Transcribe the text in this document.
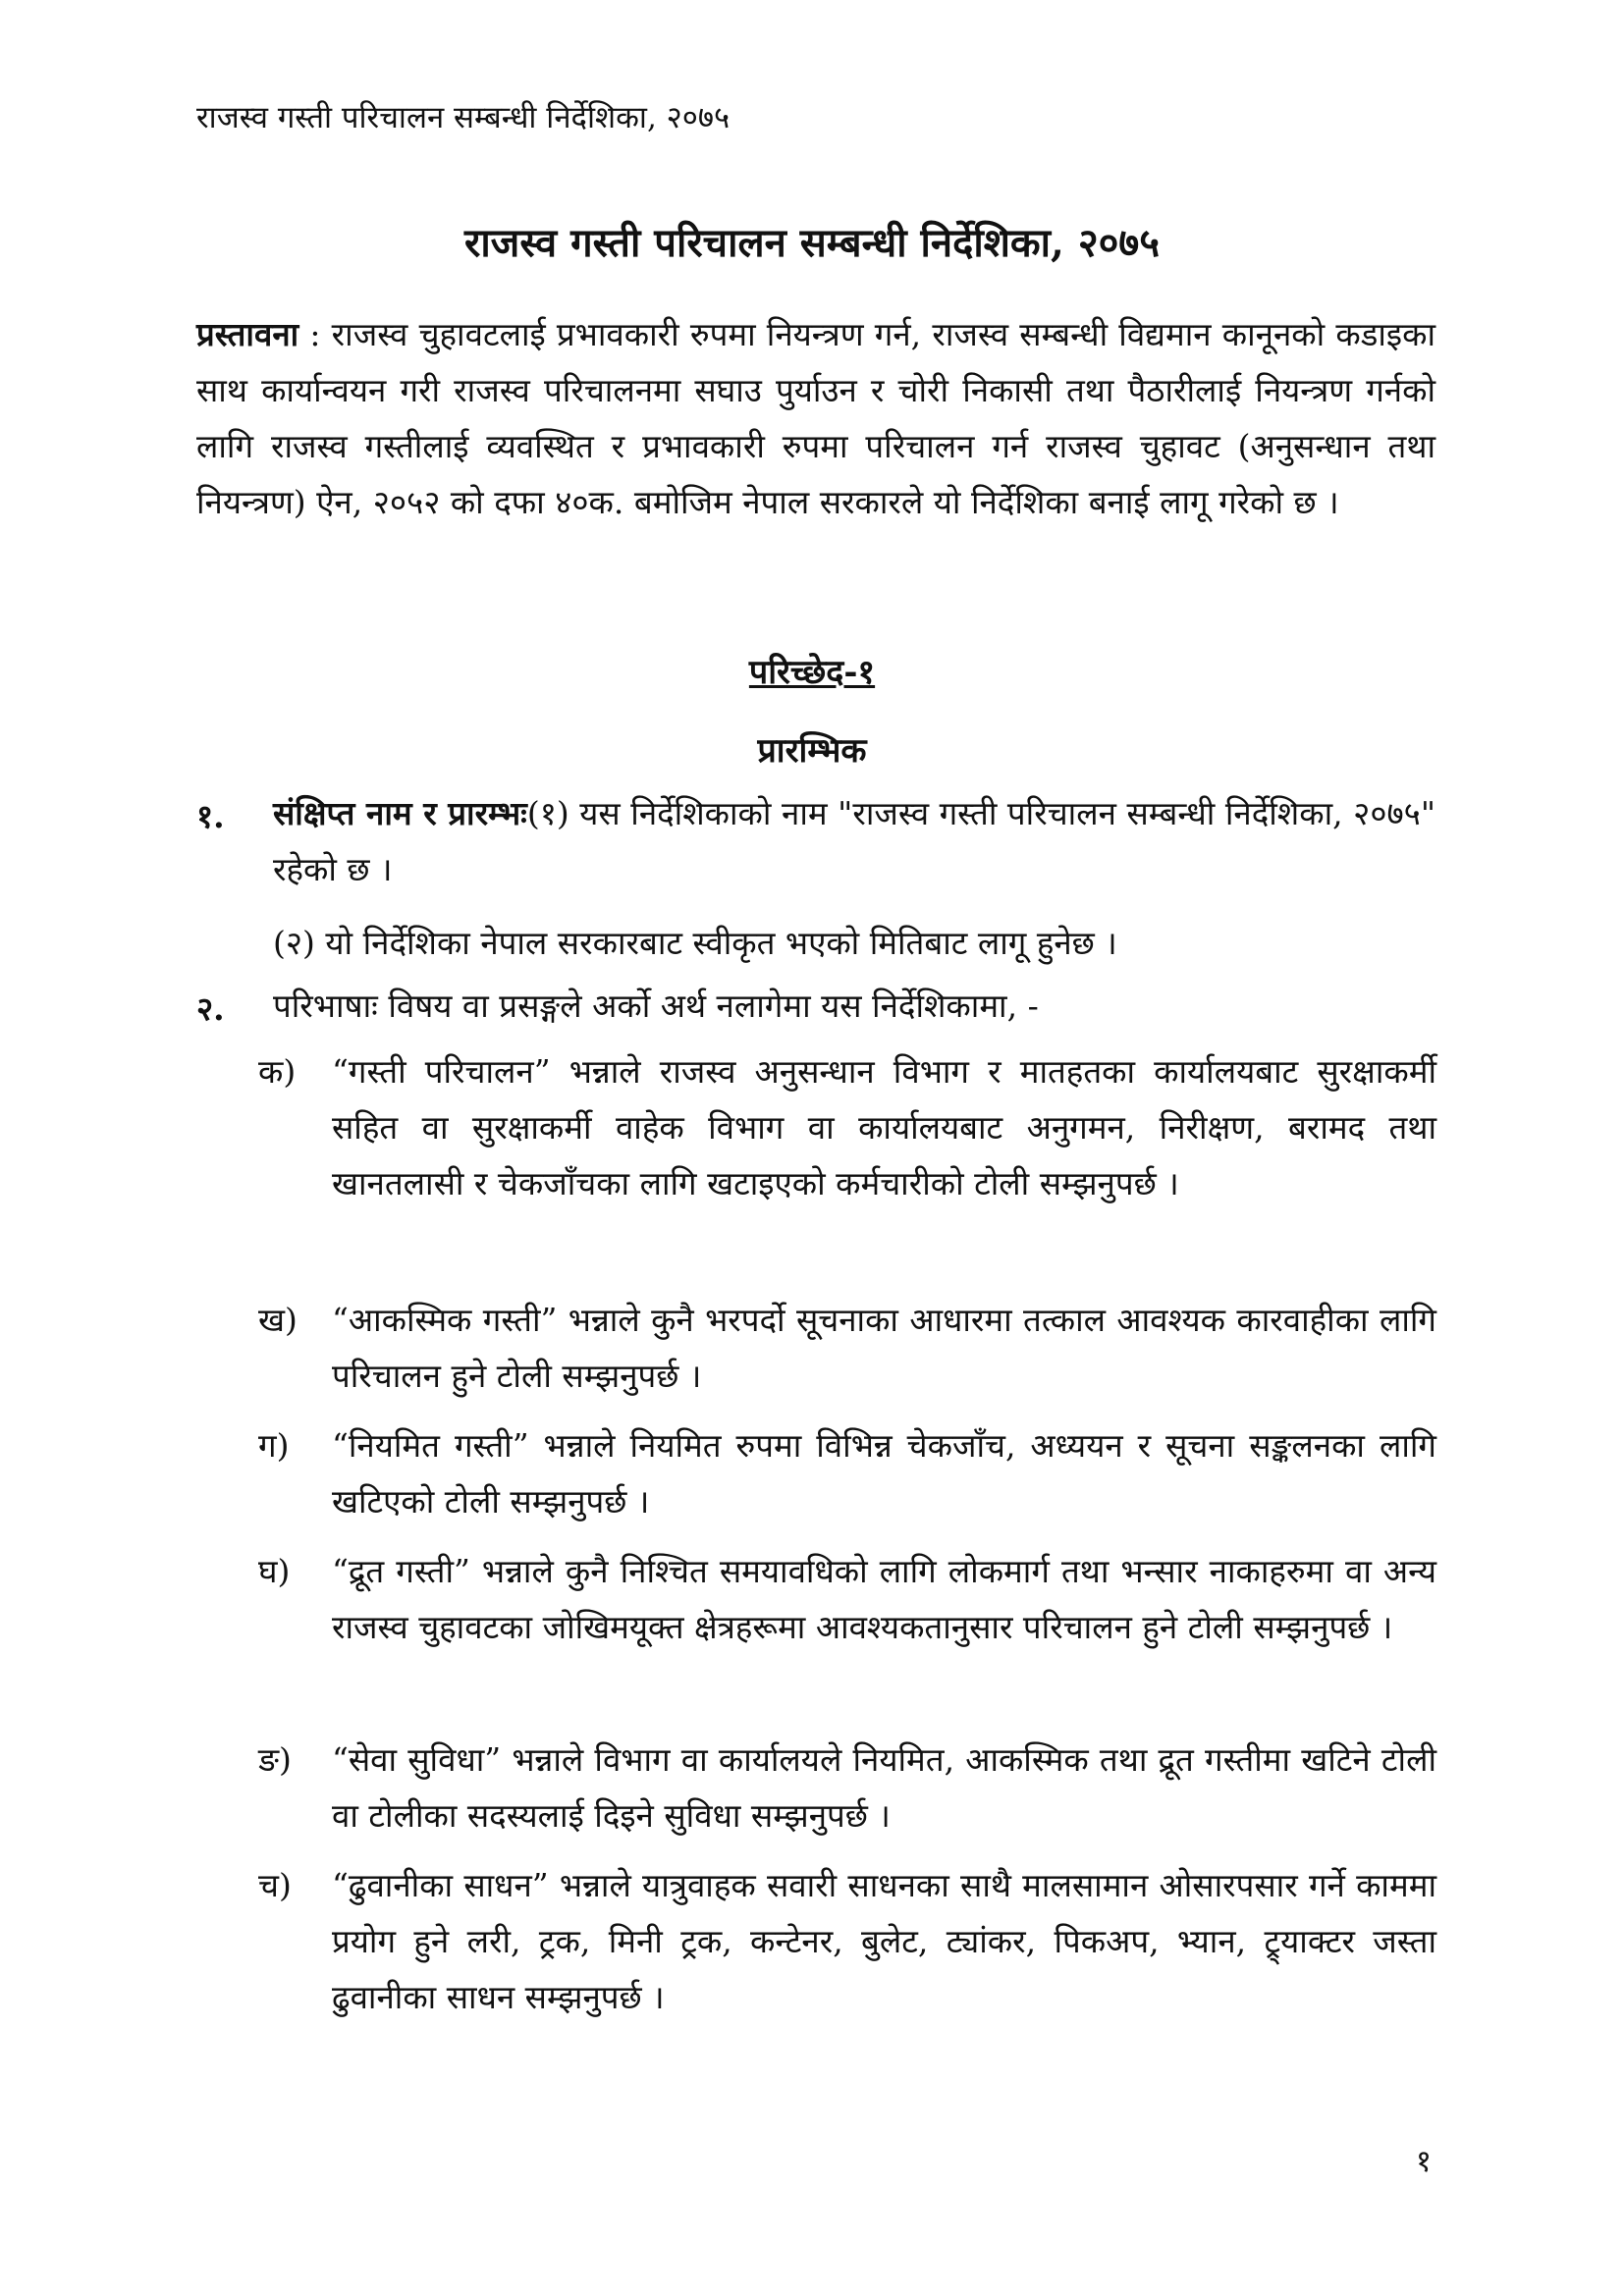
राजस्व गस्ती परिचालन सम्बन्धी निर्देशिका, २०७५
राजस्व गस्ती परिचालन सम्बन्धी निर्देशिका, २०७५
प्रस्तावना : राजस्व चुहावटलाई प्रभावकारी रुपमा नियन्त्रण गर्न, राजस्व सम्बन्धी विद्यमान कानूनको कडाइका साथ कार्यान्वयन गरी राजस्व परिचालनमा सघाउ पुर्याउन र चोरी निकासी तथा पैठारीलाई नियन्त्रण गर्नको लागि राजस्व गस्तीलाई व्यवस्थित र प्रभावकारी रुपमा परिचालन गर्न राजस्व चुहावट (अनुसन्धान तथा नियन्त्रण) ऐन, २०५२ को दफा ४०क. बमोजिम नेपाल सरकारले यो निर्देशिका बनाई लागू गरेको छ ।
परिच्छेद-१
प्रारम्भिक
१. संक्षिप्त नाम र प्रारम्भः(१) यस निर्देशिकाको नाम "राजस्व गस्ती परिचालन सम्बन्धी निर्देशिका, २०७५" रहेको छ ।
(२) यो निर्देशिका नेपाल सरकारबाट स्वीकृत भएको मितिबाट लागू हुनेछ ।
२. परिभाषाः विषय वा प्रसङ्गले अर्को अर्थ नलागेमा यस निर्देशिकामा, -
क) “गस्ती परिचालन” भन्नाले राजस्व अनुसन्धान विभाग र मातहतका कार्यालयबाट सुरक्षाकर्मी सहित वा सुरक्षाकर्मी वाहेक विभाग वा कार्यालयबाट अनुगमन, निरीक्षण, बरामद तथा खानतलासी र चेकजाँचका लागि खटाइएको कर्मचारीको टोली सम्झनुपर्छ ।
ख) “आकस्मिक गस्ती” भन्नाले कुनै भरपर्दो सूचनाका आधारमा तत्काल आवश्यक कारवाहीका लागि परिचालन हुने टोली सम्झनुपर्छ ।
ग) “नियमित गस्ती” भन्नाले नियमित रुपमा विभिन्न चेकजाँच, अध्ययन र सूचना सङ्कलनका लागि खटिएको टोली सम्झनुपर्छ ।
घ) “द्रूत गस्ती” भन्नाले कुनै निश्चित समयावधिको लागि लोकमार्ग तथा भन्सार नाकाहरुमा वा अन्य राजस्व चुहावटका जोखिमयूक्त क्षेत्रहरूमा आवश्यकतानुसार परिचालन हुने टोली सम्झनुपर्छ ।
ङ) “सेवा सुविधा” भन्नाले विभाग वा कार्यालयले नियमित, आकस्मिक तथा द्रूत गस्तीमा खटिने टोली वा टोलीका सदस्यलाई दिइने सुविधा सम्झनुपर्छ ।
च) “ढुवानीका साधन” भन्नाले यात्रुवाहक सवारी साधनका साथै मालसामान ओसारपसार गर्ने काममा प्रयोग हुने लरी, ट्रक, मिनी ट्रक, कन्टेनर, बुलेट, ट्यांकर, पिकअप, भ्यान, ट्र्याक्टर जस्ता ढुवानीका साधन सम्झनुपर्छ ।
१
